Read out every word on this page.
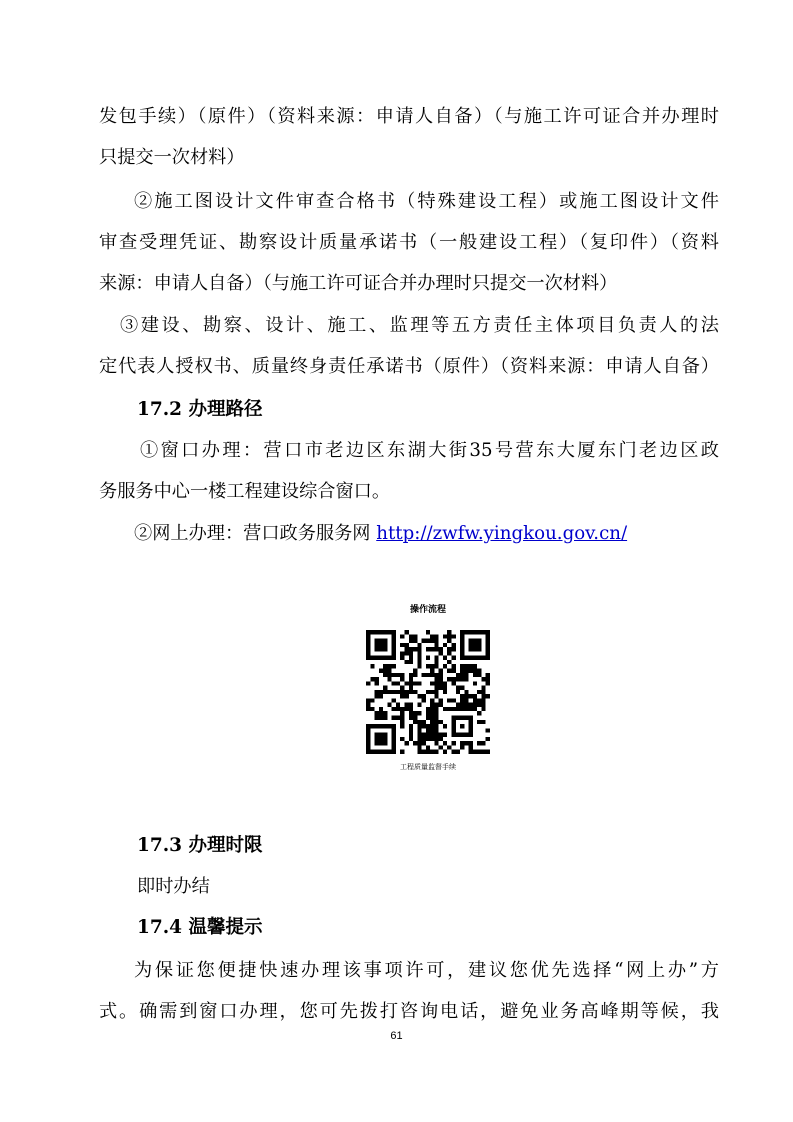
发包手续）（原件）（资料来源：申请人自备）（与施工许可证合并办理时
只提交一次材料）
②施工图设计文件审查合格书（特殊建设工程）或施工图设计文件
审查受理凭证、勘察设计质量承诺书（一般建设工程）（复印件）（资料
来源：申请人自备）（与施工许可证合并办理时只提交一次材料）
③建设、勘察、设计、施工、监理等五方责任主体项目负责人的法
定代表人授权书、质量终身责任承诺书（原件）（资料来源：申请人自备）
17.2 办理路径
①窗口办理：营口市老边区东湖大街35号营东大厦东门老边区政
务服务中心一楼工程建设综合窗口。
②网上办理：营口政务服务网 http://zwfw.yingkou.gov.cn/
操作流程
工程质量监督手续
17.3 办理时限
即时办结
17.4 温馨提示
为保证您便捷快速办理该事项许可，建议您优先选择“网上办”方
式。确需到窗口办理，您可先拨打咨询电话，避免业务高峰期等候，我
61
